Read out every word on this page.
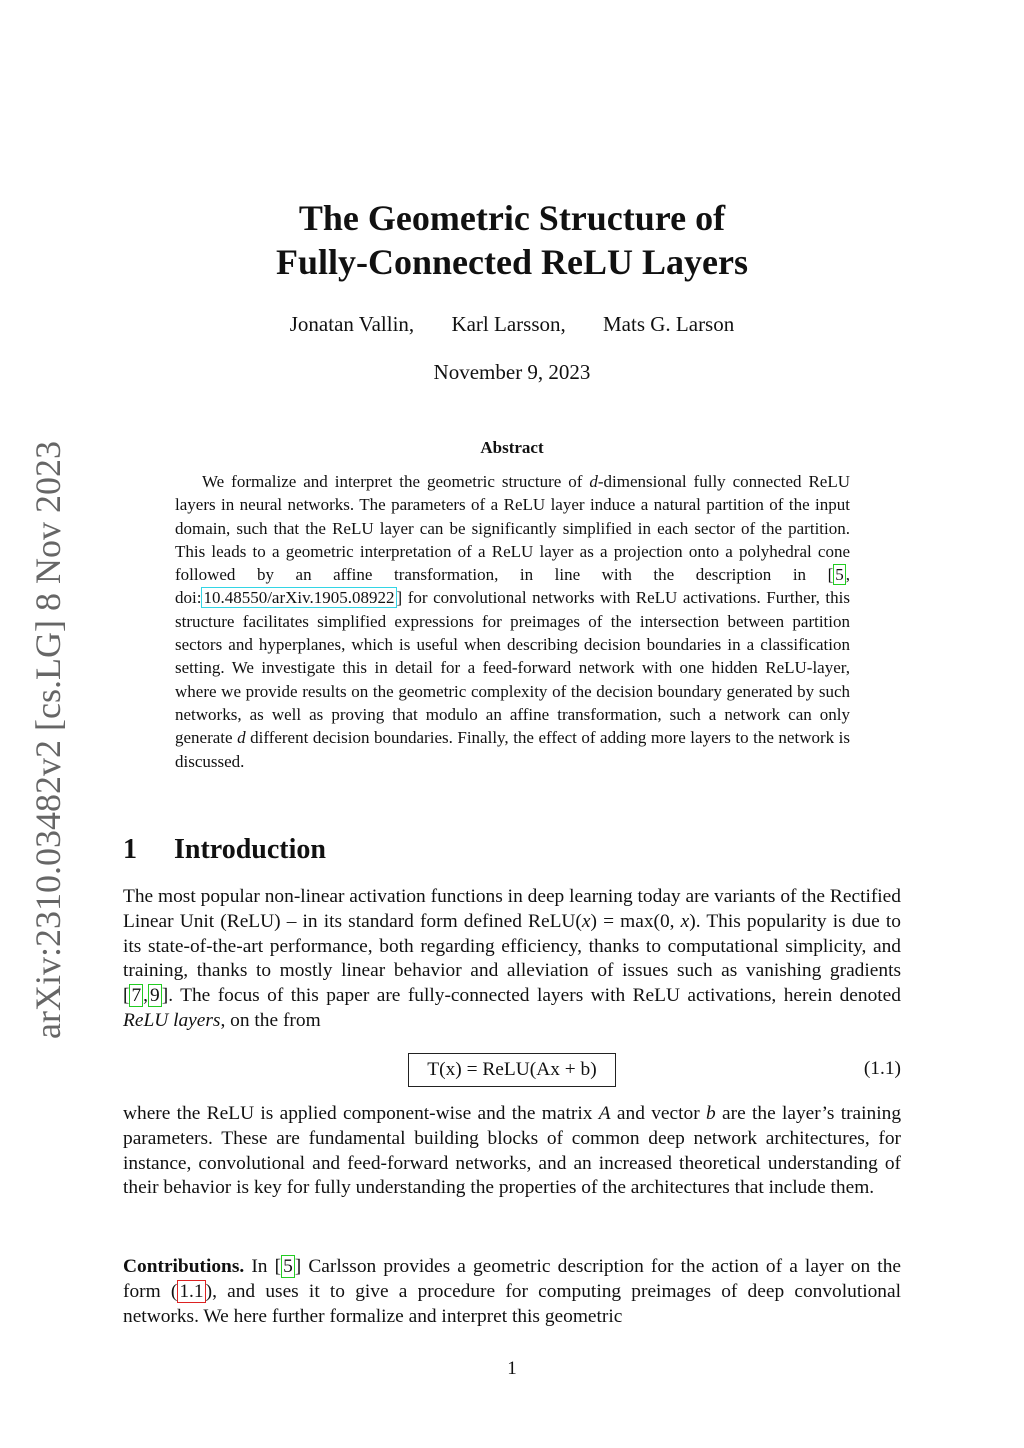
arXiv:2310.03482v2 [cs.LG] 8 Nov 2023
The Geometric Structure of
Fully-Connected ReLU Layers
Jonatan Vallin, Karl Larsson, Mats G. Larson
November 9, 2023
Abstract

We formalize and interpret the geometric structure of d-dimensional fully connected ReLU layers in neural networks. The parameters of a ReLU layer induce a natural partition of the input domain, such that the ReLU layer can be significantly simplified in each sector of the partition. This leads to a geometric interpretation of a ReLU layer as a projection onto a polyhedral cone followed by an affine transformation, in line with the description in [ 5 , doi: 10.48550/arXiv.1905.08922 ] for convolutional networks with ReLU activations. Further, this structure facilitates simplified expressions for preimages of the intersection between partition sectors and hyperplanes, which is useful when describing decision boundaries in a classification setting. We investigate this in detail for a feed-forward network with one hidden ReLU-layer, where we provide results on the geometric complexity of the decision boundary generated by such networks, as well as proving that modulo an affine transformation, such a network can only generate d different decision boundaries. Finally, the effect of adding more layers to the network is discussed.

1 Introduction

The most popular non-linear activation functions in deep learning today are variants of the Rectified Linear Unit (ReLU) – in its standard form defined ReLU(x) = max(0, x). This popularity is due to its state-of-the-art performance, both regarding efficiency, thanks to computational simplicity, and training, thanks to mostly linear behavior and alleviation of issues such as vanishing gradients [ 7 , 9 ]. The focus of this paper are fully-connected layers with ReLU activations, herein denoted ReLU layers, on the from

T(x) = ReLU(Ax + b)	(1.1)

where the ReLU is applied component-wise and the matrix A and vector b are the layer’s training parameters. These are fundamental building blocks of common deep network architectures, for instance, convolutional and feed-forward networks, and an increased theoretical understanding of their behavior is key for fully understanding the properties of the architectures that include them.

Contributions. In [ 5 ] Carlsson provides a geometric description for the action of a layer on the form ( 1.1 ), and uses it to give a procedure for computing preimages of deep convolutional networks. We here further formalize and interpret this geometric

1
